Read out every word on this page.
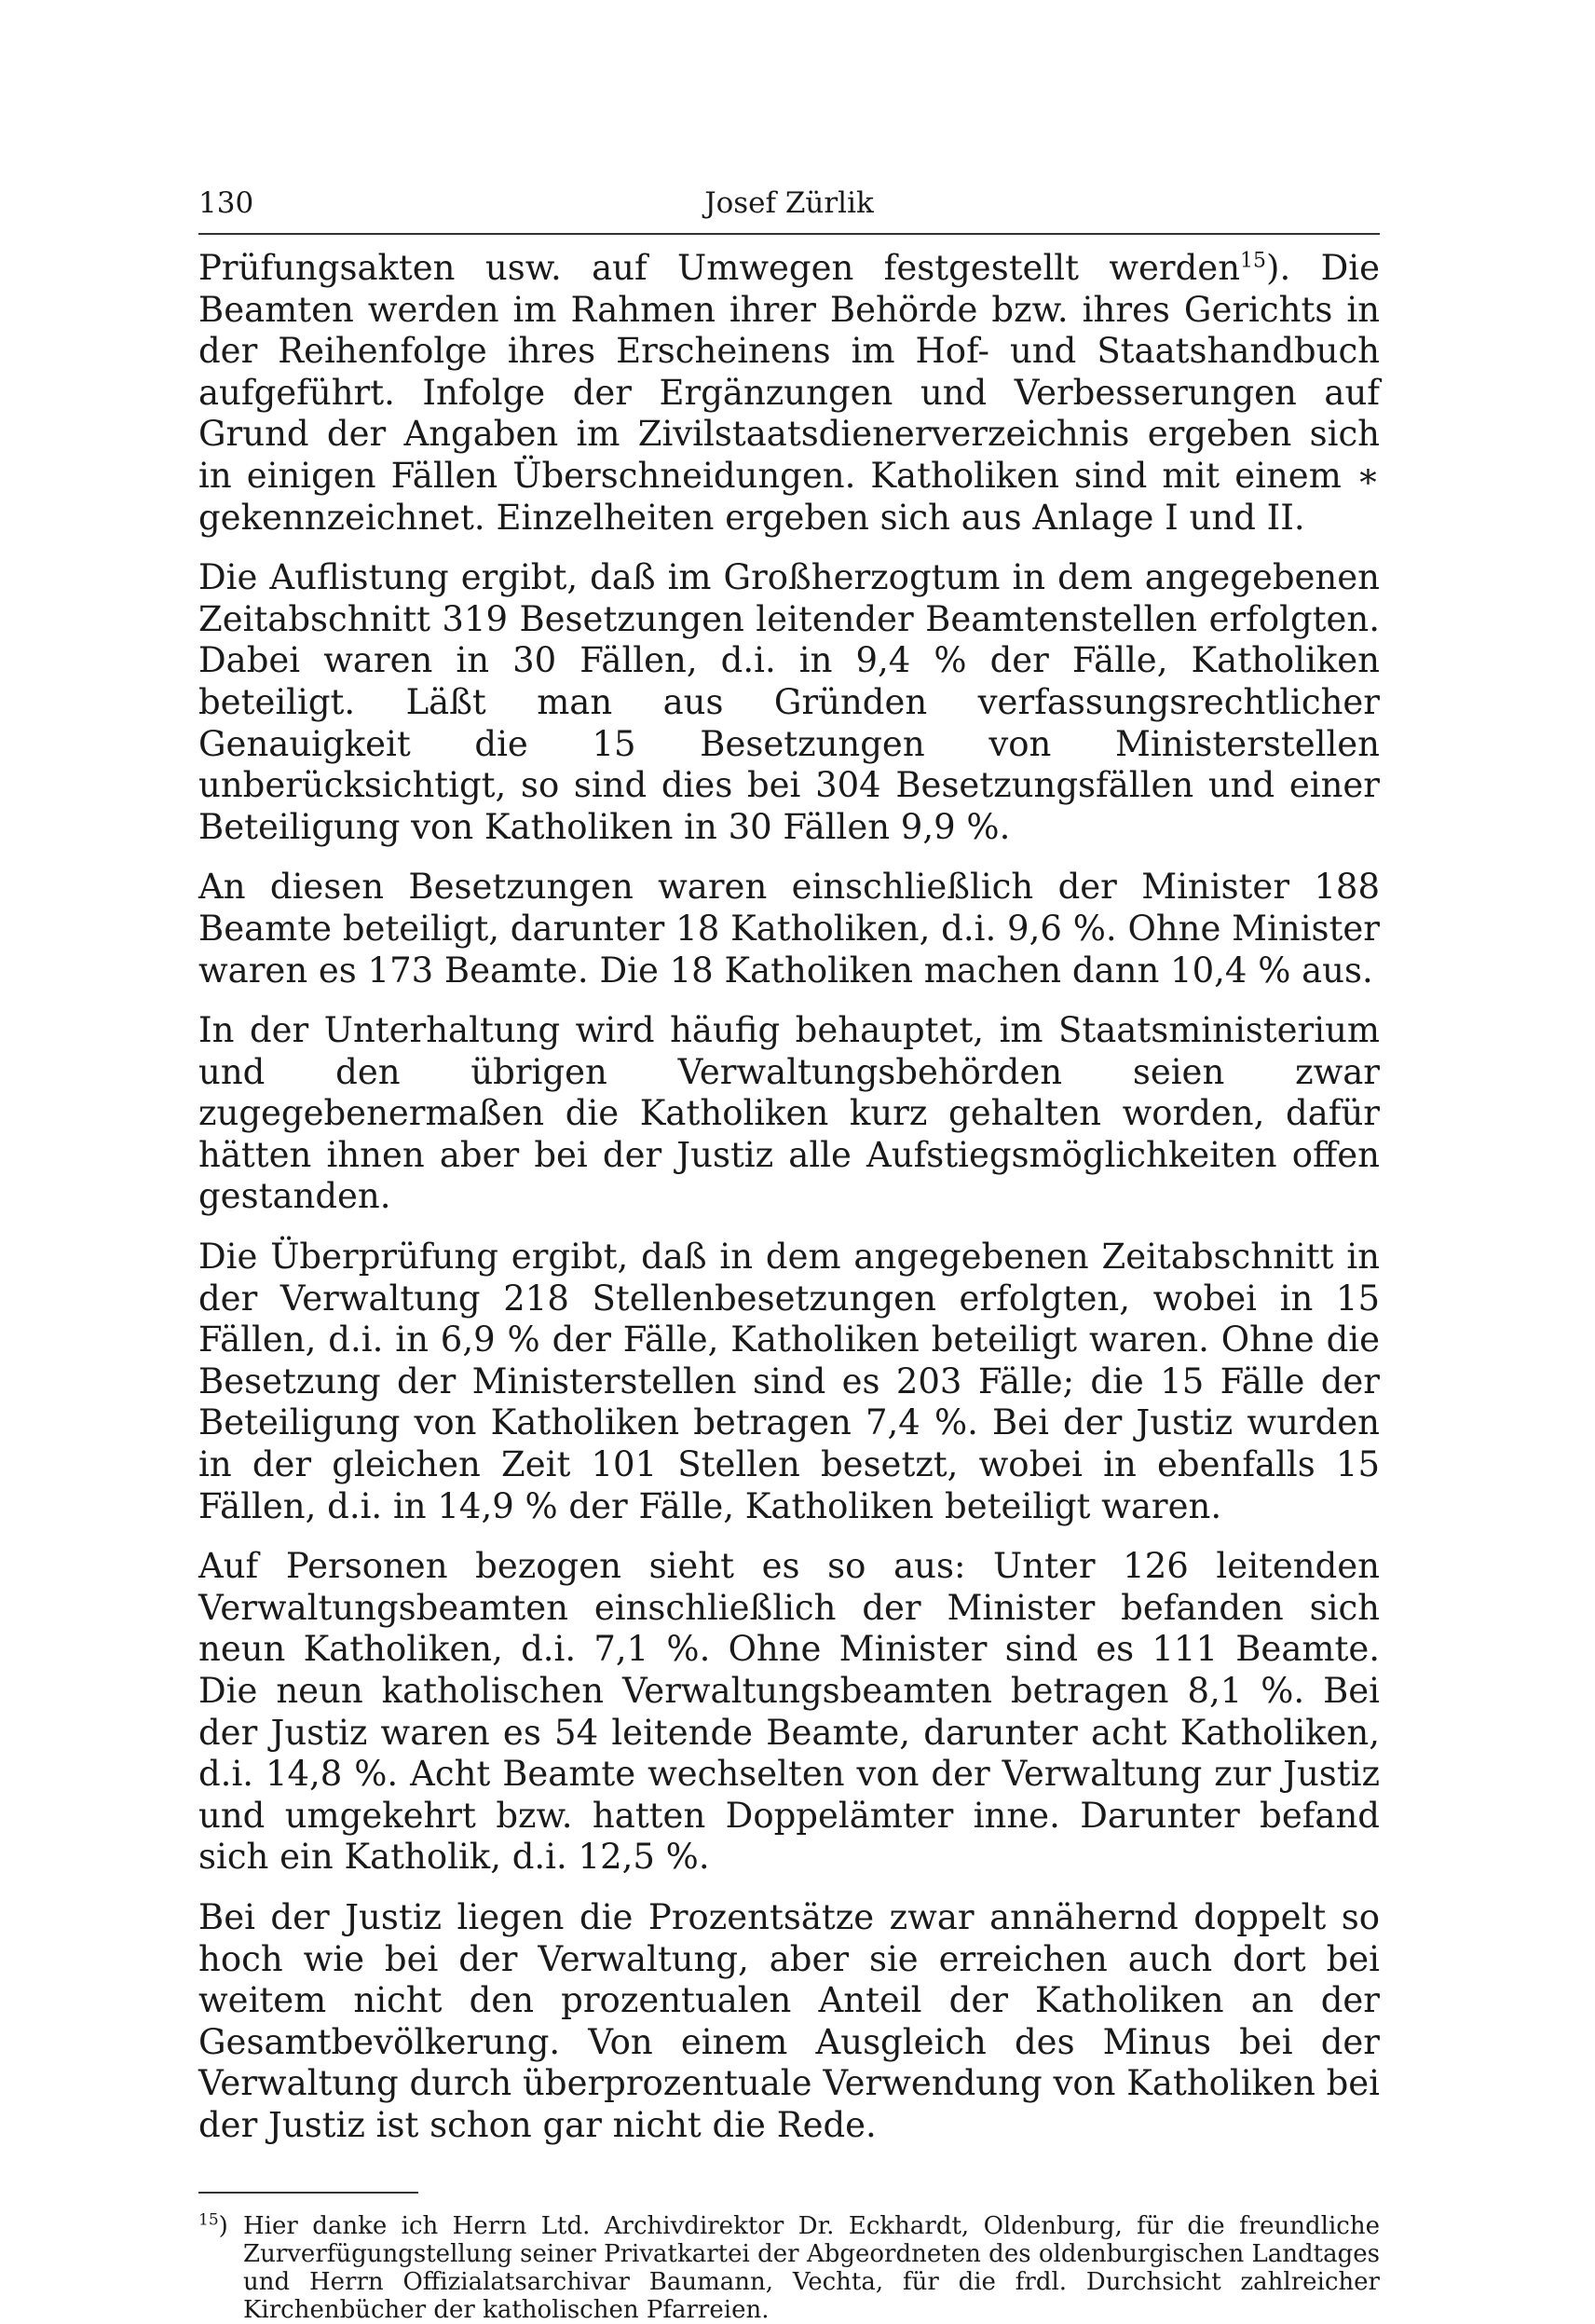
130	Josef Zürlik

Prüfungsakten usw. auf Umwegen festgestellt werden$^{15}$). Die Beamten werden im Rahmen ihrer Behörde bzw. ihres Gerichts in der Reihenfolge ihres Erscheinens im Hof- und Staatshandbuch aufgeführt. Infolge der Ergänzungen und Verbesserungen auf Grund der Angaben im Zivilstaatsdienerverzeichnis ergeben sich in einigen Fällen Überschneidungen. Katholiken sind mit einem ∗ gekennzeichnet. Einzelheiten ergeben sich aus Anlage I und II.

Die Auflistung ergibt, daß im Großherzogtum in dem angegebenen Zeitabschnitt 319 Besetzungen leitender Beamtenstellen erfolgten. Dabei waren in 30 Fällen, d.i. in 9,4 % der Fälle, Katholiken beteiligt. Läßt man aus Gründen verfassungsrechtlicher Genauigkeit die 15 Besetzungen von Ministerstellen unberücksichtigt, so sind dies bei 304 Besetzungsfällen und einer Beteiligung von Katholiken in 30 Fällen 9,9 %.

An diesen Besetzungen waren einschließlich der Minister 188 Beamte beteiligt, darunter 18 Katholiken, d.i. 9,6 %. Ohne Minister waren es 173 Beamte. Die 18 Katholiken machen dann 10,4 % aus.

In der Unterhaltung wird häufig behauptet, im Staatsministerium und den übrigen Verwaltungsbehörden seien zwar zugegebenermaßen die Katholiken kurz gehalten worden, dafür hätten ihnen aber bei der Justiz alle Aufstiegsmöglichkeiten offen gestanden.

Die Überprüfung ergibt, daß in dem angegebenen Zeitabschnitt in der Verwaltung 218 Stellenbesetzungen erfolgten, wobei in 15 Fällen, d.i. in 6,9 % der Fälle, Katholiken beteiligt waren. Ohne die Besetzung der Ministerstellen sind es 203 Fälle; die 15 Fälle der Beteiligung von Katholiken betragen 7,4 %. Bei der Justiz wurden in der gleichen Zeit 101 Stellen besetzt, wobei in ebenfalls 15 Fällen, d.i. in 14,9 % der Fälle, Katholiken beteiligt waren.

Auf Personen bezogen sieht es so aus: Unter 126 leitenden Verwaltungsbeamten einschließlich der Minister befanden sich neun Katholiken, d.i. 7,1 %. Ohne Minister sind es 111 Beamte. Die neun katholischen Verwaltungsbeamten betragen 8,1 %. Bei der Justiz waren es 54 leitende Beamte, darunter acht Katholiken, d.i. 14,8 %. Acht Beamte wechselten von der Verwaltung zur Justiz und umgekehrt bzw. hatten Doppelämter inne. Darunter befand sich ein Katholik, d.i. 12,5 %.

Bei der Justiz liegen die Prozentsätze zwar annähernd doppelt so hoch wie bei der Verwaltung, aber sie erreichen auch dort bei weitem nicht den prozentualen Anteil der Katholiken an der Gesamtbevölkerung. Von einem Ausgleich des Minus bei der Verwaltung durch überprozentuale Verwendung von Katholiken bei der Justiz ist schon gar nicht die Rede.

$^{15}$) Hier danke ich Herrn Ltd. Archivdirektor Dr. Eckhardt, Oldenburg, für die freundliche Zurverfügungstellung seiner Privatkartei der Abgeordneten des oldenburgischen Landtages und Herrn Offizialatsarchivar Baumann, Vechta, für die frdl. Durchsicht zahlreicher Kirchenbücher der katholischen Pfarreien.
